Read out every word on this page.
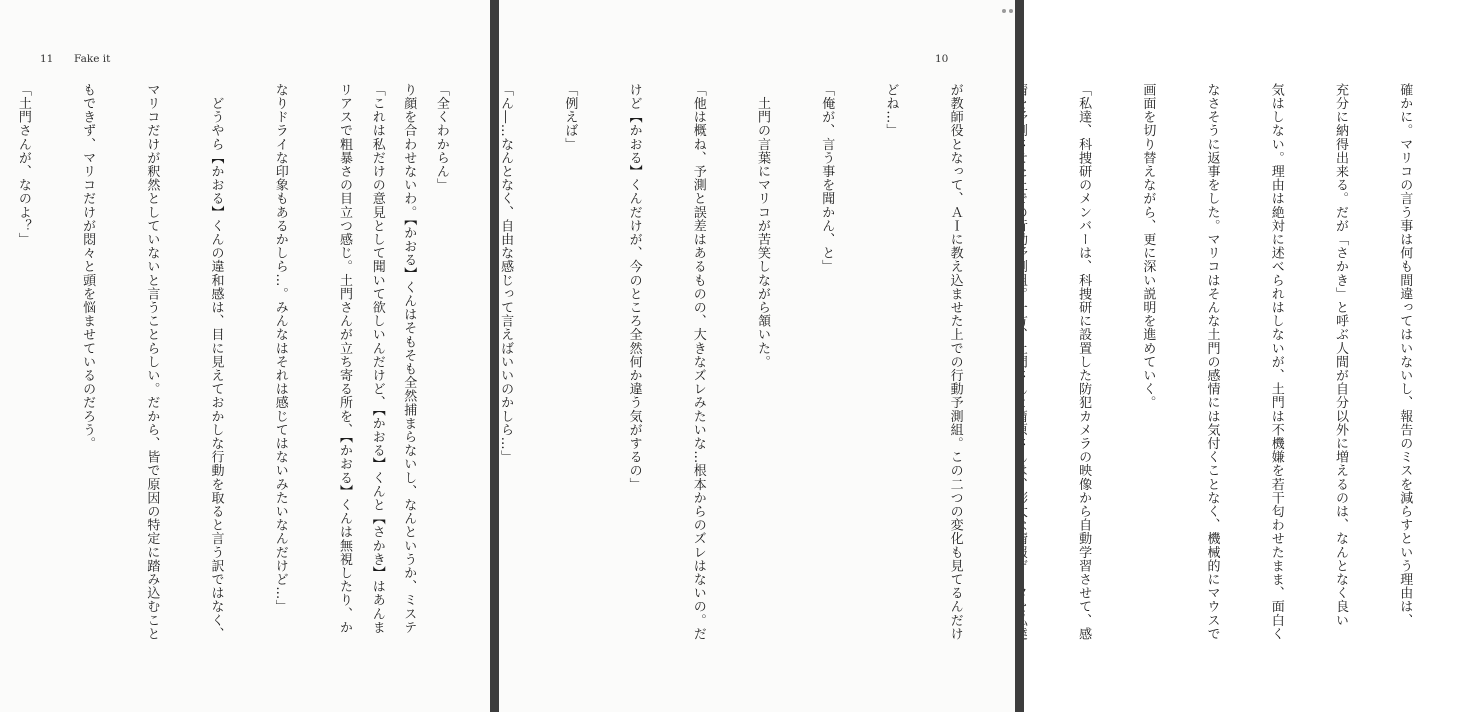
11 Fake it

り顔を合わせないわ。【かおる】くんはそもそも全然捕まらないし、なんというか、ミステ

リアスで粗暴さの目立つ感じ。土門さんが立ち寄る所を、【かおる】くんは無視したり、か

なりドライな印象もあるかしら…。みんなはそれは感じてはないみたいなんだけど…」

　どうやら【かおる】くんの違和感は、目に見えておかしな行動を取ると言う訳ではなく、

マリコだけが釈然としていないと言うことらしい。だから、皆で原因の特定に踏み込むこと

もできず、マリコだけが悶々と頭を悩ませているのだろう。

「土門さんが、なのよ？」

	確かに。マリコの言う事は何も間違ってはいないし、報告のミスを減らすという理由は、

充分に納得出来る。だが「さかき」と呼ぶ人間が自分以外に増えるのは、なんとなく良い

気はしない。理由は絶対に述べられはしないが、土門は不機嫌を若干匂わせたまま、面白く

なさそうに返事をした。マリコはそんな土門の感情には気付くことなく、機械的にマウスで

画面を切り替えながら、更に深い説明を進めていく。

「私達、科捜研のメンバーは、科捜研に設置した防犯カメラの映像から自動学習させて、感

が教師役となって、ＡＩに教え込ませた上での行動予測組。この二つの変化も見てるんだけ

どね…」

「俺が、言う事を聞かん、と」

　土門の言葉にマリコが苦笑しながら頷いた。

「他は概ね、予測と誤差はあるものの、大きなズレみたいな…根本からのズレはないの。だ

けど【かおる】くんだけが、今のところ全然何か違う気がするの」

「例えば」

「ん―…なんとなく、自由な感じって言えばいいのかしら…」

「全くわからん」

「これは私だけの意見として聞いて欲しいんだけど、【かおる】くんと【さかき】はあんま

10
